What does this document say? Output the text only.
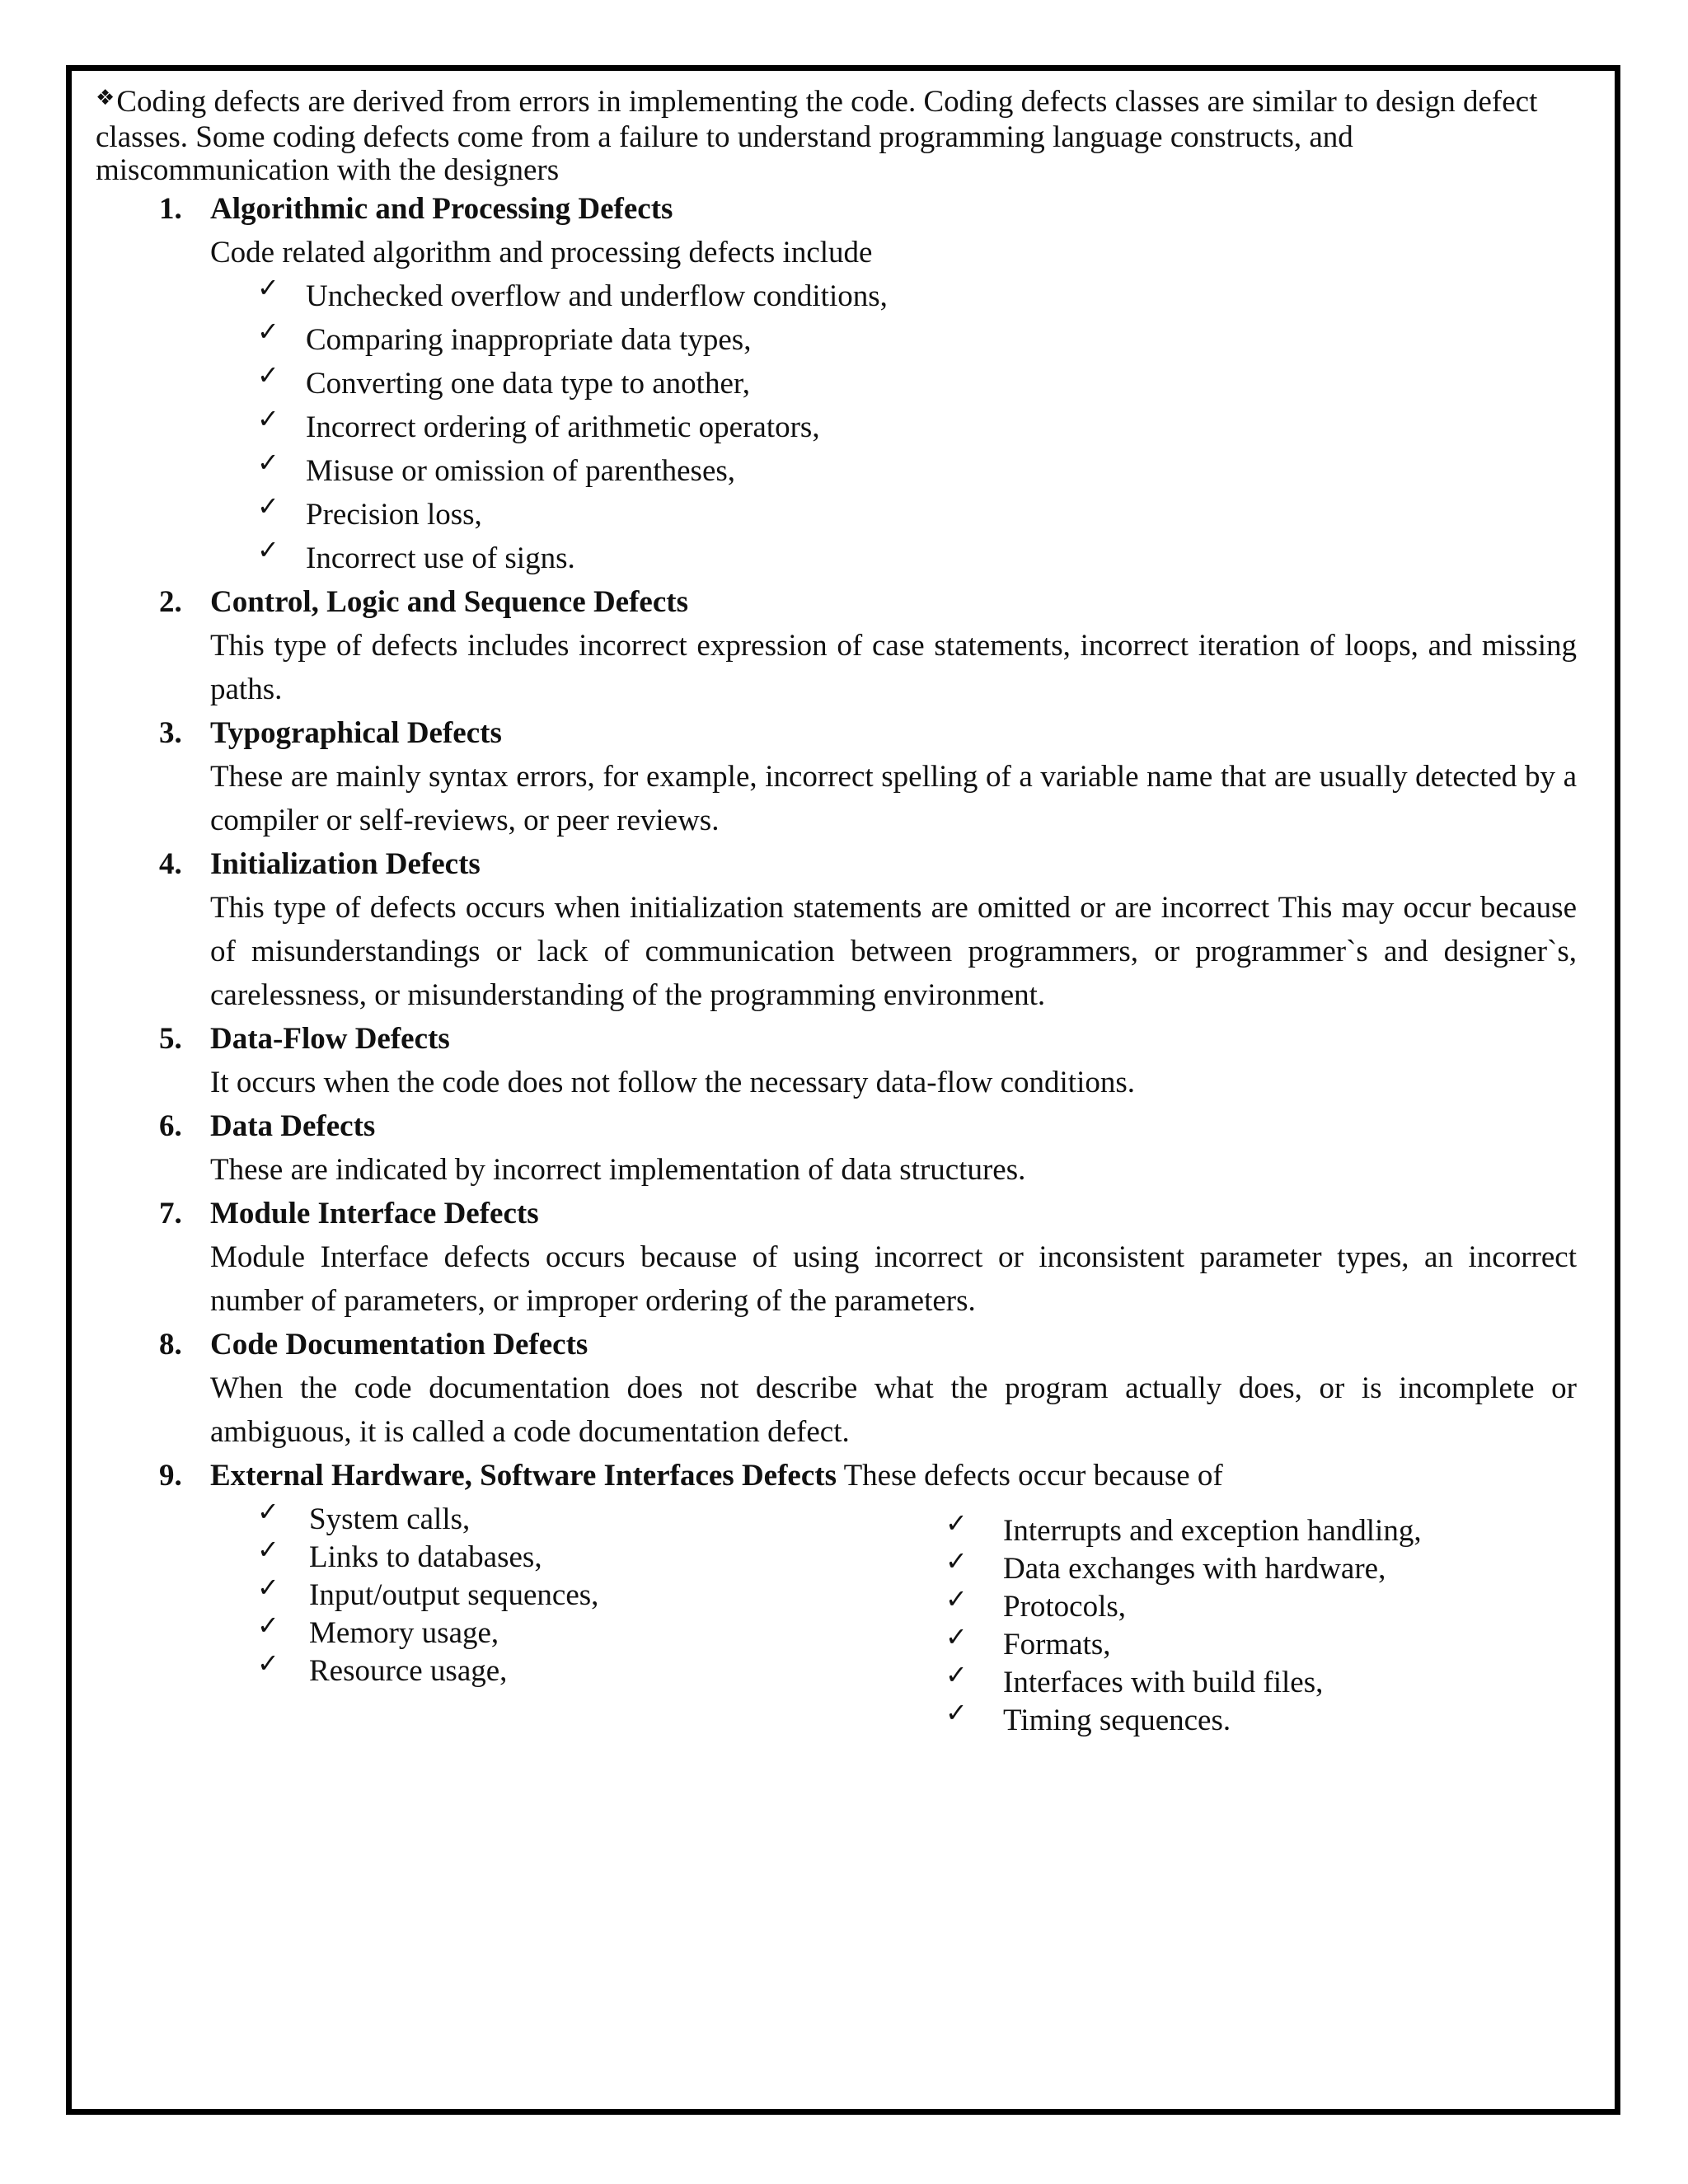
❖Coding defects are derived from errors in implementing the code. Coding defects classes are similar to design defect classes. Some coding defects come from a failure to understand programming language constructs, and miscommunication with the designers

1. Algorithmic and Processing Defects

Code related algorithm and processing defects include

✓ Unchecked overflow and underflow conditions,
✓ Comparing inappropriate data types,
✓ Converting one data type to another,
✓ Incorrect ordering of arithmetic operators,
✓ Misuse or omission of parentheses,
✓ Precision loss,
✓ Incorrect use of signs.
2. Control, Logic and Sequence Defects

This type of defects includes incorrect expression of case statements, incorrect iteration of loops, and missing paths.

3. Typographical Defects

These are mainly syntax errors, for example, incorrect spelling of a variable name that are usually detected by a compiler or self-reviews, or peer reviews.

4. Initialization Defects

This type of defects occurs when initialization statements are omitted or are incorrect This may occur because of misunderstandings or lack of communication between programmers, or programmer`s and designer`s, carelessness, or misunderstanding of the programming environment.

5. Data-Flow Defects

It occurs when the code does not follow the necessary data-flow conditions.

6. Data Defects

These are indicated by incorrect implementation of data structures.

7. Module Interface Defects

Module Interface defects occurs because of using incorrect or inconsistent parameter types, an incorrect number of parameters, or improper ordering of the parameters.

8. Code Documentation Defects

When the code documentation does not describe what the program actually does, or is incomplete or ambiguous, it is called a code documentation defect.

9. External Hardware, Software Interfaces Defects These defects occur because of
✓ System calls,
✓ Links to databases,
✓ Input/output sequences,
✓ Memory usage,
✓ Resource usage,
✓ Interrupts and exception handling,
✓ Data exchanges with hardware,
✓ Protocols,
✓ Formats,
✓ Interfaces with build files,
✓ Timing sequences.
